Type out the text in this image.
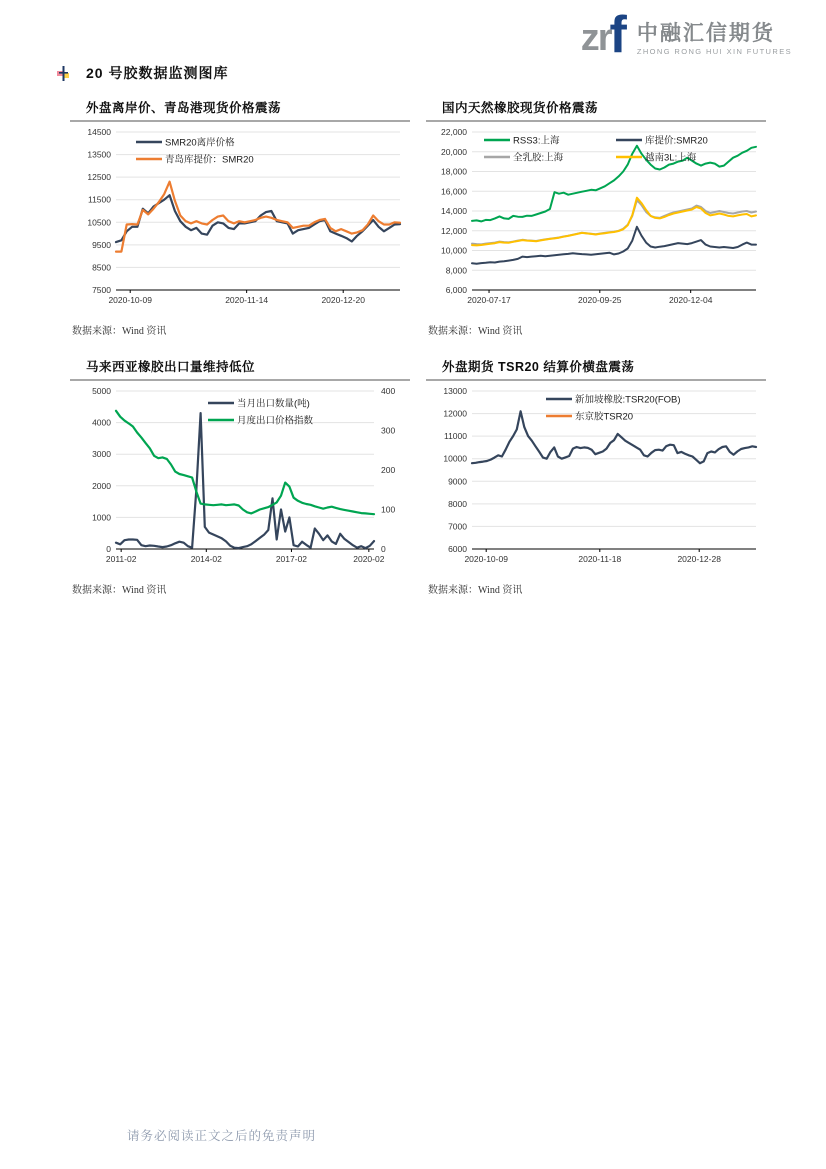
zr f 中融汇信期货
ZHONG RONG HUI XIN FUTURES
20 号胶数据监测图库
外盘离岸价、青岛港现货价格震荡
14500
13500
12500
11500
10500
9500
8500
7500
2020-10-09	2020-11-14	2020-12-20
SMR20离岸价格
青岛库提价：SMR20
数据来源：Wind 资讯
国内天然橡胶现货价格震荡
22,000
20,000
18,000
16,000
14,000
12,000
10,000
8,000
6,000
2020-07-17	2020-09-25	2020-12-04
RSS3:上海	库提价:SMR20
全乳胶:上海	越南3L:上海
数据来源：Wind 资讯
马来西亚橡胶出口量维持低位
5000
4000
3000
2000
1000
0
400
300
200
100
0
2011-02	2014-02	2017-02	2020-02
当月出口数量(吨)
月度出口价格指数
数据来源：Wind 资讯
外盘期货 TSR20 结算价横盘震荡
13000
12000
11000
10000
9000
8000
7000
6000
2020-10-09	2020-11-18	2020-12-28
新加坡橡胶:TSR20(FOB)
东京胶TSR20
数据来源：Wind 资讯
请务必阅读正文之后的免责声明
